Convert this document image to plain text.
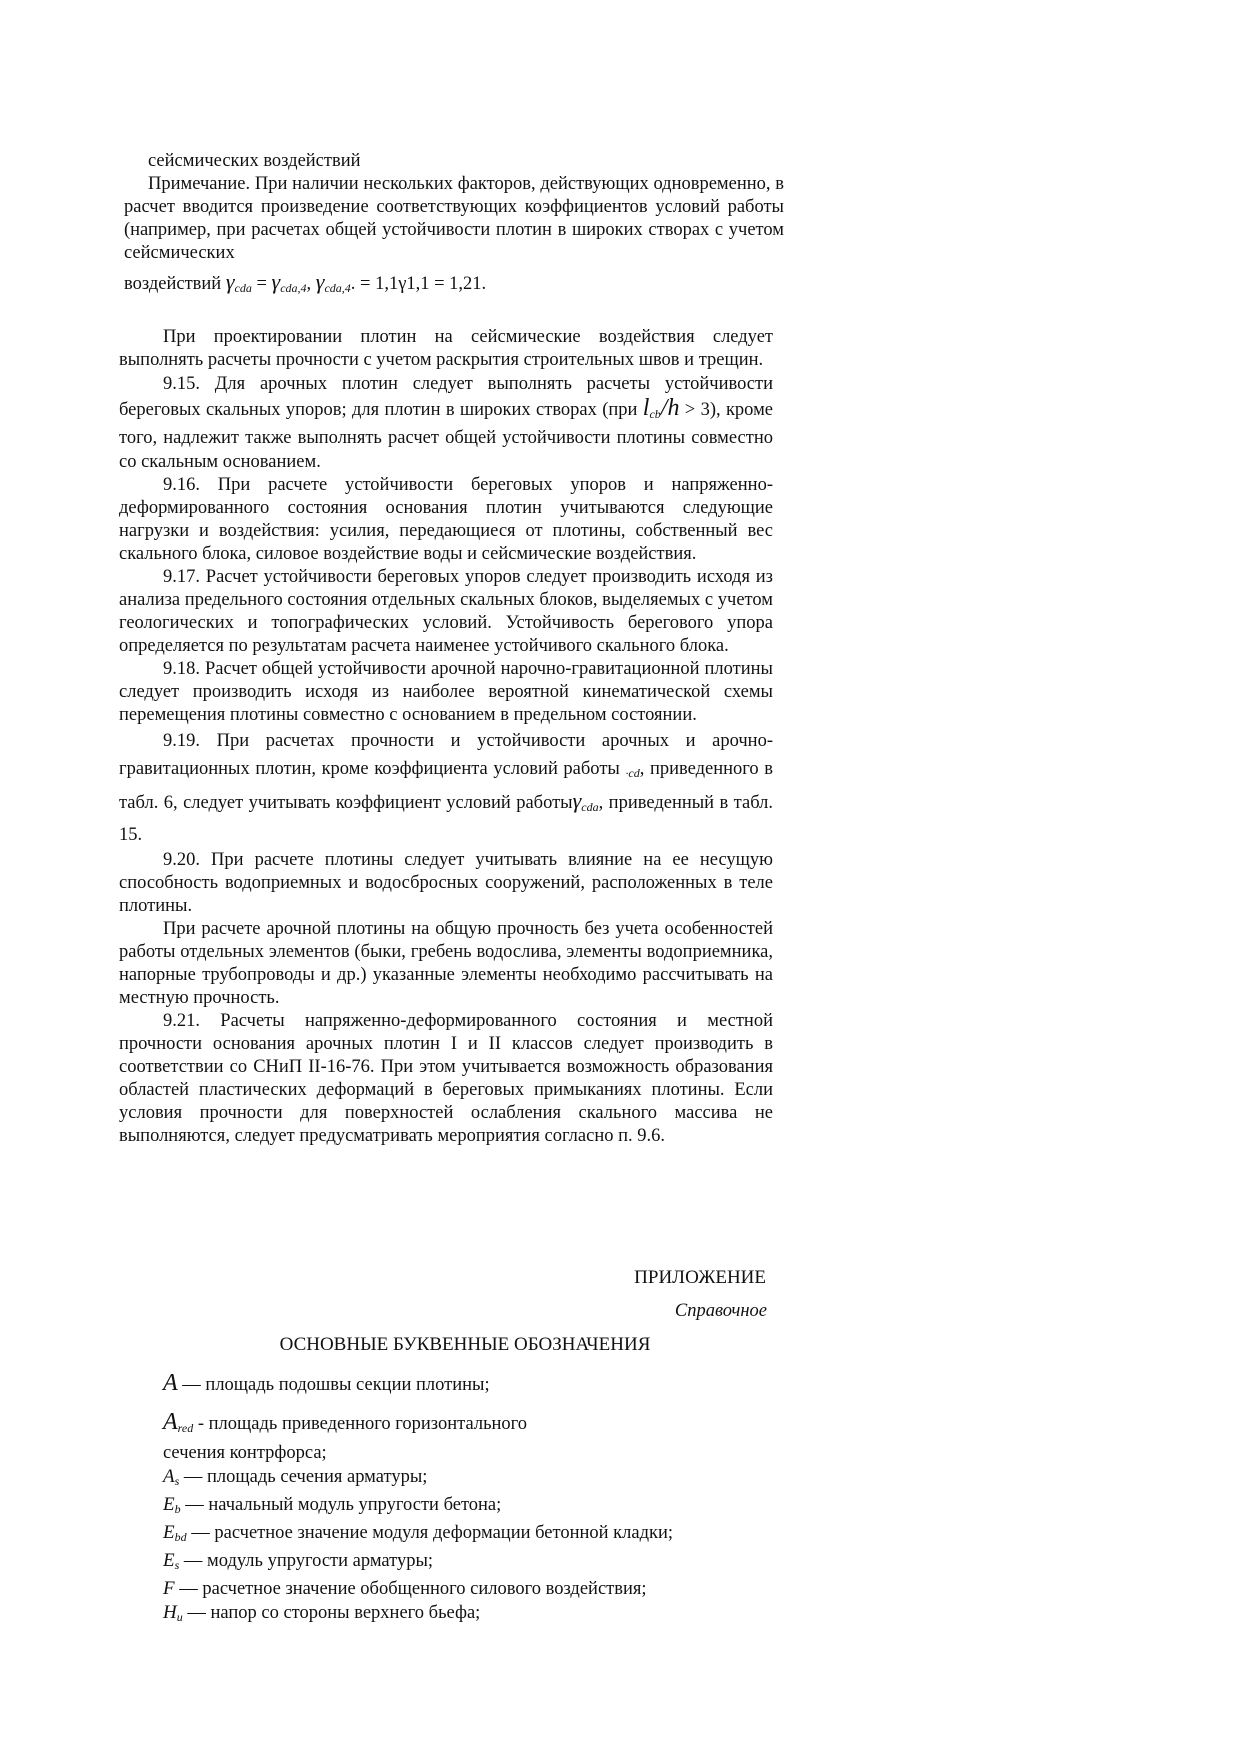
сейсмических воздействий

Примечание. При наличии нескольких факторов, действующих одновременно, в расчет вводится произведение соответствующих коэффициентов условий работы (например, при расчетах общей устойчивости плотин в широких створах с учетом сейсмических

воздействий $\gamma_{cda} = \gamma_{cda,4}$, $\gamma_{cda,4}$. = 1,1γ1,1 = 1,21.

При проектировании плотин на сейсмические воздействия следует выполнять расчеты прочности с учетом раскрытия строительных швов и трещин.

9.15. Для арочных плотин следует выполнять расчеты устойчивости береговых скальных упоров; для плотин в широких створах (при $l_{cb}/h > 3$), кроме того, надлежит также выполнять расчет общей устойчивости плотины совместно со скальным основанием.

9.16. При расчете устойчивости береговых упоров и напряженно-деформированного состояния основания плотин учитываются следующие нагрузки и воздействия: усилия, передающиеся от плотины, собственный вес скального блока, силовое воздействие воды и сейсмические воздействия.

9.17. Расчет устойчивости береговых упоров следует производить исходя из анализа предельного состояния отдельных скальных блоков, выделяемых с учетом геологических и топографических условий. Устойчивость берегового упора определяется по результатам расчета наименее устойчивого скального блока.

9.18. Расчет общей устойчивости арочной нарочно-гравитационной плотины следует производить исходя из наиболее вероятной кинематической схемы перемещения плотины совместно с основанием в предельном состоянии.

9.19. При расчетах прочности и устойчивости арочных и арочно-гравитационных плотин, кроме коэффициента условий работы $_{\cdot cd}$, приведенного в табл. 6, следует учитывать коэффициент условий работыγ$_{cda}$, приведенный в табл. 15.

9.20. При расчете плотины следует учитывать влияние на ее несущую способность водоприемных и водосбросных сооружений, расположенных в теле плотины.

При расчете арочной плотины на общую прочность без учета особенностей работы отдельных элементов (быки, гребень водослива, элементы водоприемника, напорные трубопроводы и др.) указанные элементы необходимо рассчитывать на местную прочность.

9.21. Расчеты напряженно-деформированного состояния и местной прочности основания арочных плотин I и II классов следует производить в соответствии со СНиП II-16-76. При этом учитывается возможность образования областей пластических деформаций в береговых примыканиях плотины. Если условия прочности для поверхностей ослабления скального массива не выполняются, следует предусматривать мероприятия согласно п. 9.6.

ПРИЛОЖЕНИЕ
Справочное
ОСНОВНЫЕ БУКВЕННЫЕ ОБОЗНАЧЕНИЯ

A — площадь подошвы секции плотины;

$A_{red}$ - площадь приведенного горизонтального

сечения контрфорса;

$A_s$ — площадь сечения арматуры;

$E_b$ — начальный модуль упругости бетона;

$E_{bd}$ — расчетное значение модуля деформации бетонной кладки;

$E_s$ — модуль упругости арматуры;

F — расчетное значение обобщенного силового воздействия;

$H_u$ — напор со стороны верхнего бьефа;
